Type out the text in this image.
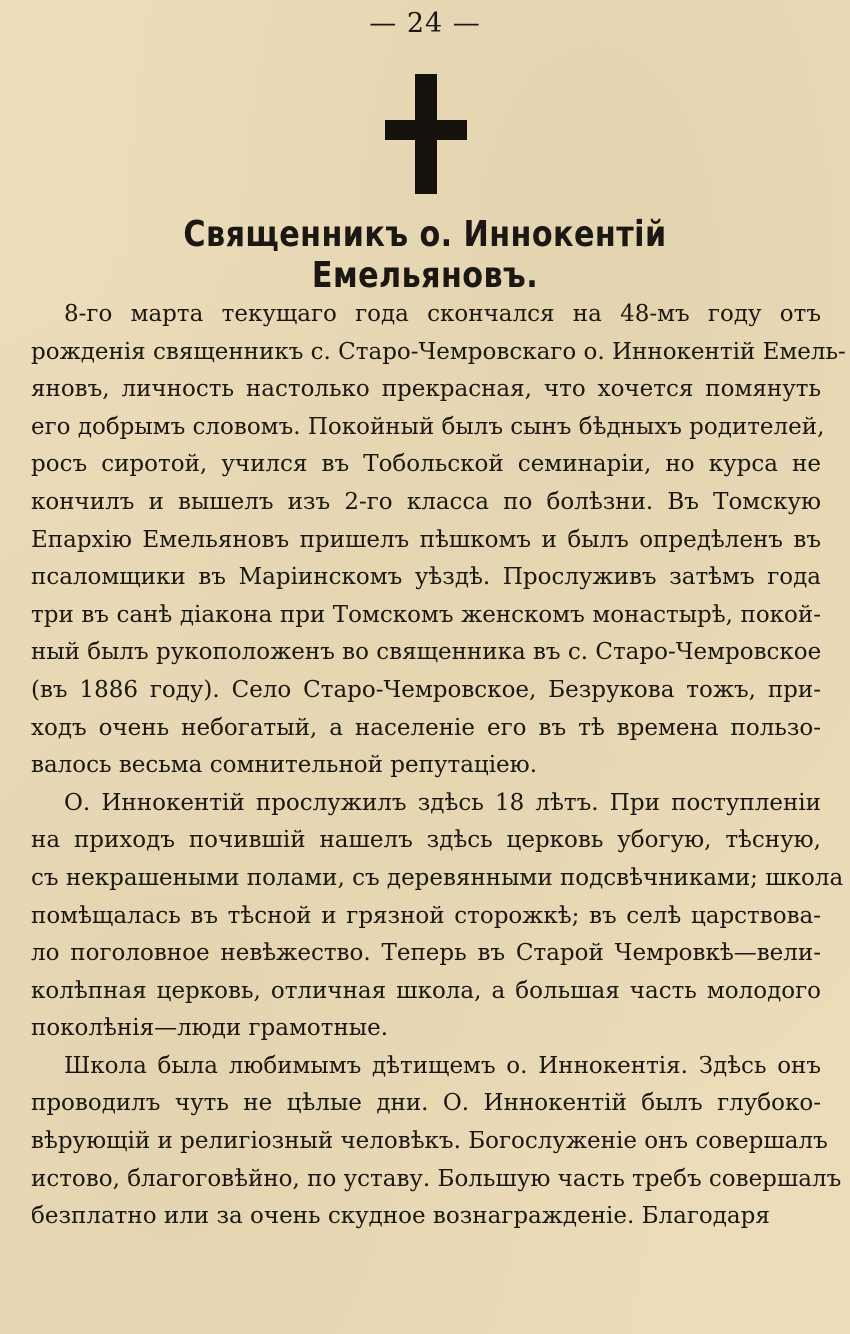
— 24 —
Священникъ о. Иннокентій Емельяновъ.
8-го марта текущаго года скончался на 48-мъ году отъ
рожденія священникъ с. Старо-Чемровскаго о. Иннокентій Емель-
яновъ, личность настолько прекрасная, что хочется помянуть
его добрымъ словомъ. Покойный былъ сынъ бѣдныхъ родителей,
росъ сиротой, учился въ Тобольской семинаріи, но курса не
кончилъ и вышелъ изъ 2-го класса по болѣзни. Въ Томскую
Епархію Емельяновъ пришелъ пѣшкомъ и былъ опредѣленъ въ
псаломщики въ Маріинскомъ уѣздѣ. Прослуживъ затѣмъ года
три въ санѣ діакона при Томскомъ женскомъ монастырѣ, покой-
ный былъ рукоположенъ во священника въ с. Старо-Чемровское
(въ 1886 году). Село Старо-Чемровское, Безрукова тожъ, при-
ходъ очень небогатый, а населеніе его въ тѣ времена пользо-
валось весьма сомнительной репутаціею.
О. Иннокентій прослужилъ здѣсь 18 лѣтъ. При поступленіи
на приходъ почившій нашелъ здѣсь церковь убогую, тѣсную,
съ некрашеными полами, съ деревянными подсвѣчниками; школа
помѣщалась въ тѣсной и грязной сторожкѣ; въ селѣ царствова-
ло поголовное невѣжество. Теперь въ Старой Чемровкѣ—вели-
колѣпная церковь, отличная школа, а большая часть молодого
поколѣнія—люди грамотные.
Школа была любимымъ дѣтищемъ о. Иннокентія. Здѣсь онъ
проводилъ чуть не цѣлые дни. О. Иннокентій былъ глубоко-
вѣрующій и религіозный человѣкъ. Богослуженіе онъ совершалъ
истово, благоговѣйно, по уставу. Большую часть требъ совершалъ
безплатно или за очень скудное вознагражденіе. Благодаря
